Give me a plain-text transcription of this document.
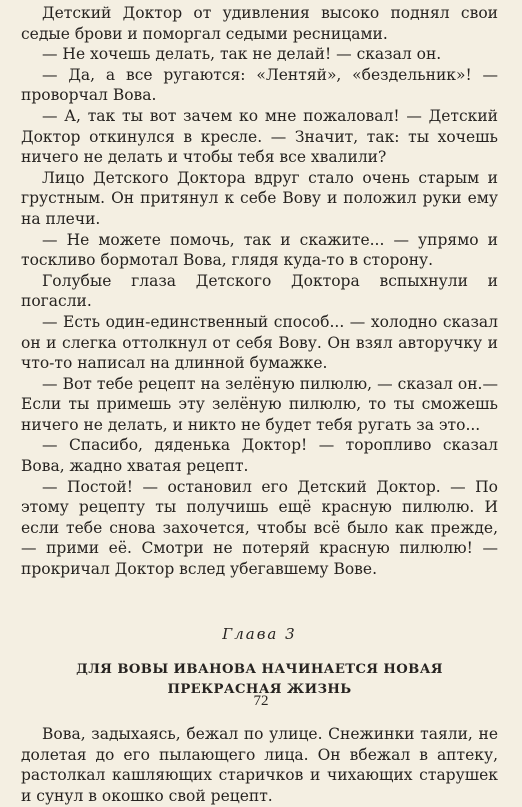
Детский Доктор от удивления высоко поднял свои седые брови и поморгал седыми ресницами.

— Не хочешь делать, так не делай! — сказал он.

— Да, а все ругаются: «Лентяй», «бездельник»! — проворчал Вова.

— А, так ты вот зачем ко мне пожаловал! — Детский Доктор откинулся в кресле. — Значит, так: ты хочешь ничего не делать и чтобы тебя все хвалили?

Лицо Детского Доктора вдруг стало очень старым и грустным. Он притянул к себе Вову и положил руки ему на плечи.

— Не можете помочь, так и скажите... — упрямо и тоскливо бормотал Вова, глядя куда-то в сторону.

Голубые глаза Детского Доктора вспыхнули и погасли.

— Есть один-единственный способ... — холодно сказал он и слегка оттолкнул от себя Вову. Он взял авторучку и что-то написал на длинной бумажке.

— Вот тебе рецепт на зелёную пилюлю, — сказал он.— Если ты примешь эту зелёную пилюлю, то ты сможешь ничего не делать, и никто не будет тебя ругать за это...

— Спасибо, дяденька Доктор! — торопливо сказал Вова, жадно хватая рецепт.

— Постой! — остановил его Детский Доктор. — По этому рецепту ты получишь ещё красную пилюлю. И если тебе снова захочется, чтобы всё было как прежде, — прими её. Смотри не потеряй красную пилюлю! — прокричал Доктор вслед убегавшему Вове.

Глава 3
ДЛЯ ВОВЫ ИВАНОВА НАЧИНАЕТСЯ НОВАЯ
ПРЕКРАСНАЯ ЖИЗНЬ

Вова, задыхаясь, бежал по улице. Снежинки таяли, не долетая до его пылающего лица. Он вбежал в аптеку, растолкал кашляющих старичков и чихающих старушек и сунул в окошко свой рецепт.

72
